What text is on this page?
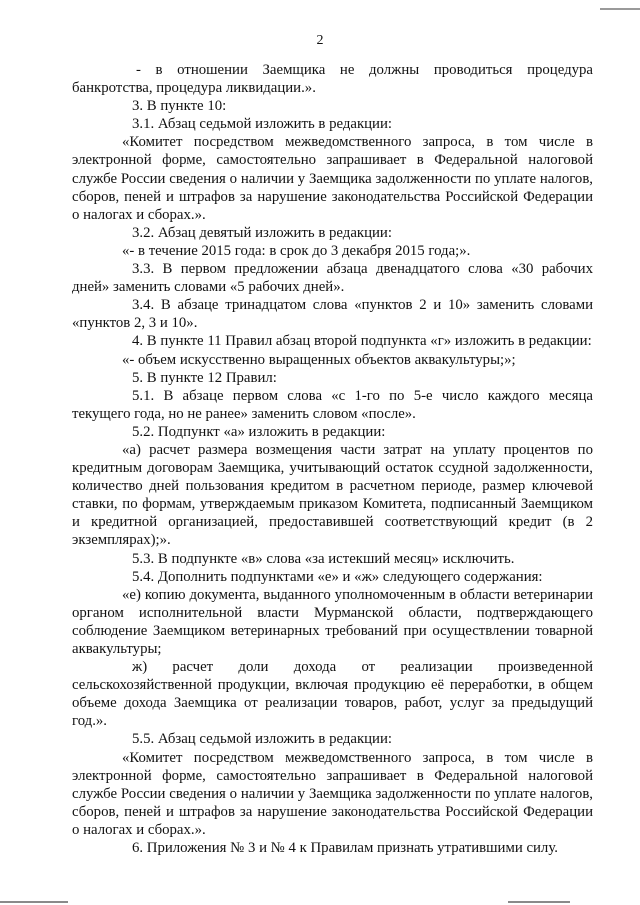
2

- в отношении Заемщика не должны проводиться процедура банкротства, процедура ликвидации.».

3. В пункте 10:

3.1. Абзац седьмой изложить в редакции:

«Комитет посредством межведомственного запроса, в том числе в электронной форме, самостоятельно запрашивает в Федеральной налоговой службе России сведения о наличии у Заемщика задолженности по уплате налогов, сборов, пеней и штрафов за нарушение законодательства Российской Федерации о налогах и сборах.».

3.2. Абзац девятый изложить в редакции:

«- в течение 2015 года: в срок до 3 декабря 2015 года;».

3.3. В первом предложении абзаца двенадцатого слова «30 рабочих дней» заменить словами «5 рабочих дней».

3.4. В абзаце тринадцатом слова «пунктов 2 и 10» заменить словами «пунктов 2, 3 и 10».

4. В пункте 11 Правил абзац второй подпункта «г» изложить в редакции:

«- объем искусственно выращенных объектов аквакультуры;»;

5. В пункте 12 Правил:

5.1. В абзаце первом слова «с 1-го по 5-е число каждого месяца текущего года, но не ранее» заменить словом «после».

5.2. Подпункт «а» изложить в редакции:

«а) расчет размера возмещения части затрат на уплату процентов по кредитным договорам Заемщика, учитывающий остаток ссудной задолженности, количество дней пользования кредитом в расчетном периоде, размер ключевой ставки, по формам, утверждаемым приказом Комитета, подписанный Заемщиком и кредитной организацией, предоставившей соответствующий кредит (в 2 экземплярах);».

5.3. В подпункте «в» слова «за истекший месяц» исключить.

5.4. Дополнить подпунктами «е» и «ж» следующего содержания:

«е) копию документа, выданного уполномоченным в области ветеринарии органом исполнительной власти Мурманской области, подтверждающего соблюдение Заемщиком ветеринарных требований при осуществлении товарной аквакультуры;

ж) расчет доли дохода от реализации произведенной сельскохозяйственной продукции, включая продукцию её переработки, в общем объеме дохода Заемщика от реализации товаров, работ, услуг за предыдущий год.».

5.5. Абзац седьмой изложить в редакции:

«Комитет посредством межведомственного запроса, в том числе в электронной форме, самостоятельно запрашивает в Федеральной налоговой службе России сведения о наличии у Заемщика задолженности по уплате налогов, сборов, пеней и штрафов за нарушение законодательства Российской Федерации о налогах и сборах.».

6. Приложения № 3 и № 4 к Правилам признать утратившими силу.
